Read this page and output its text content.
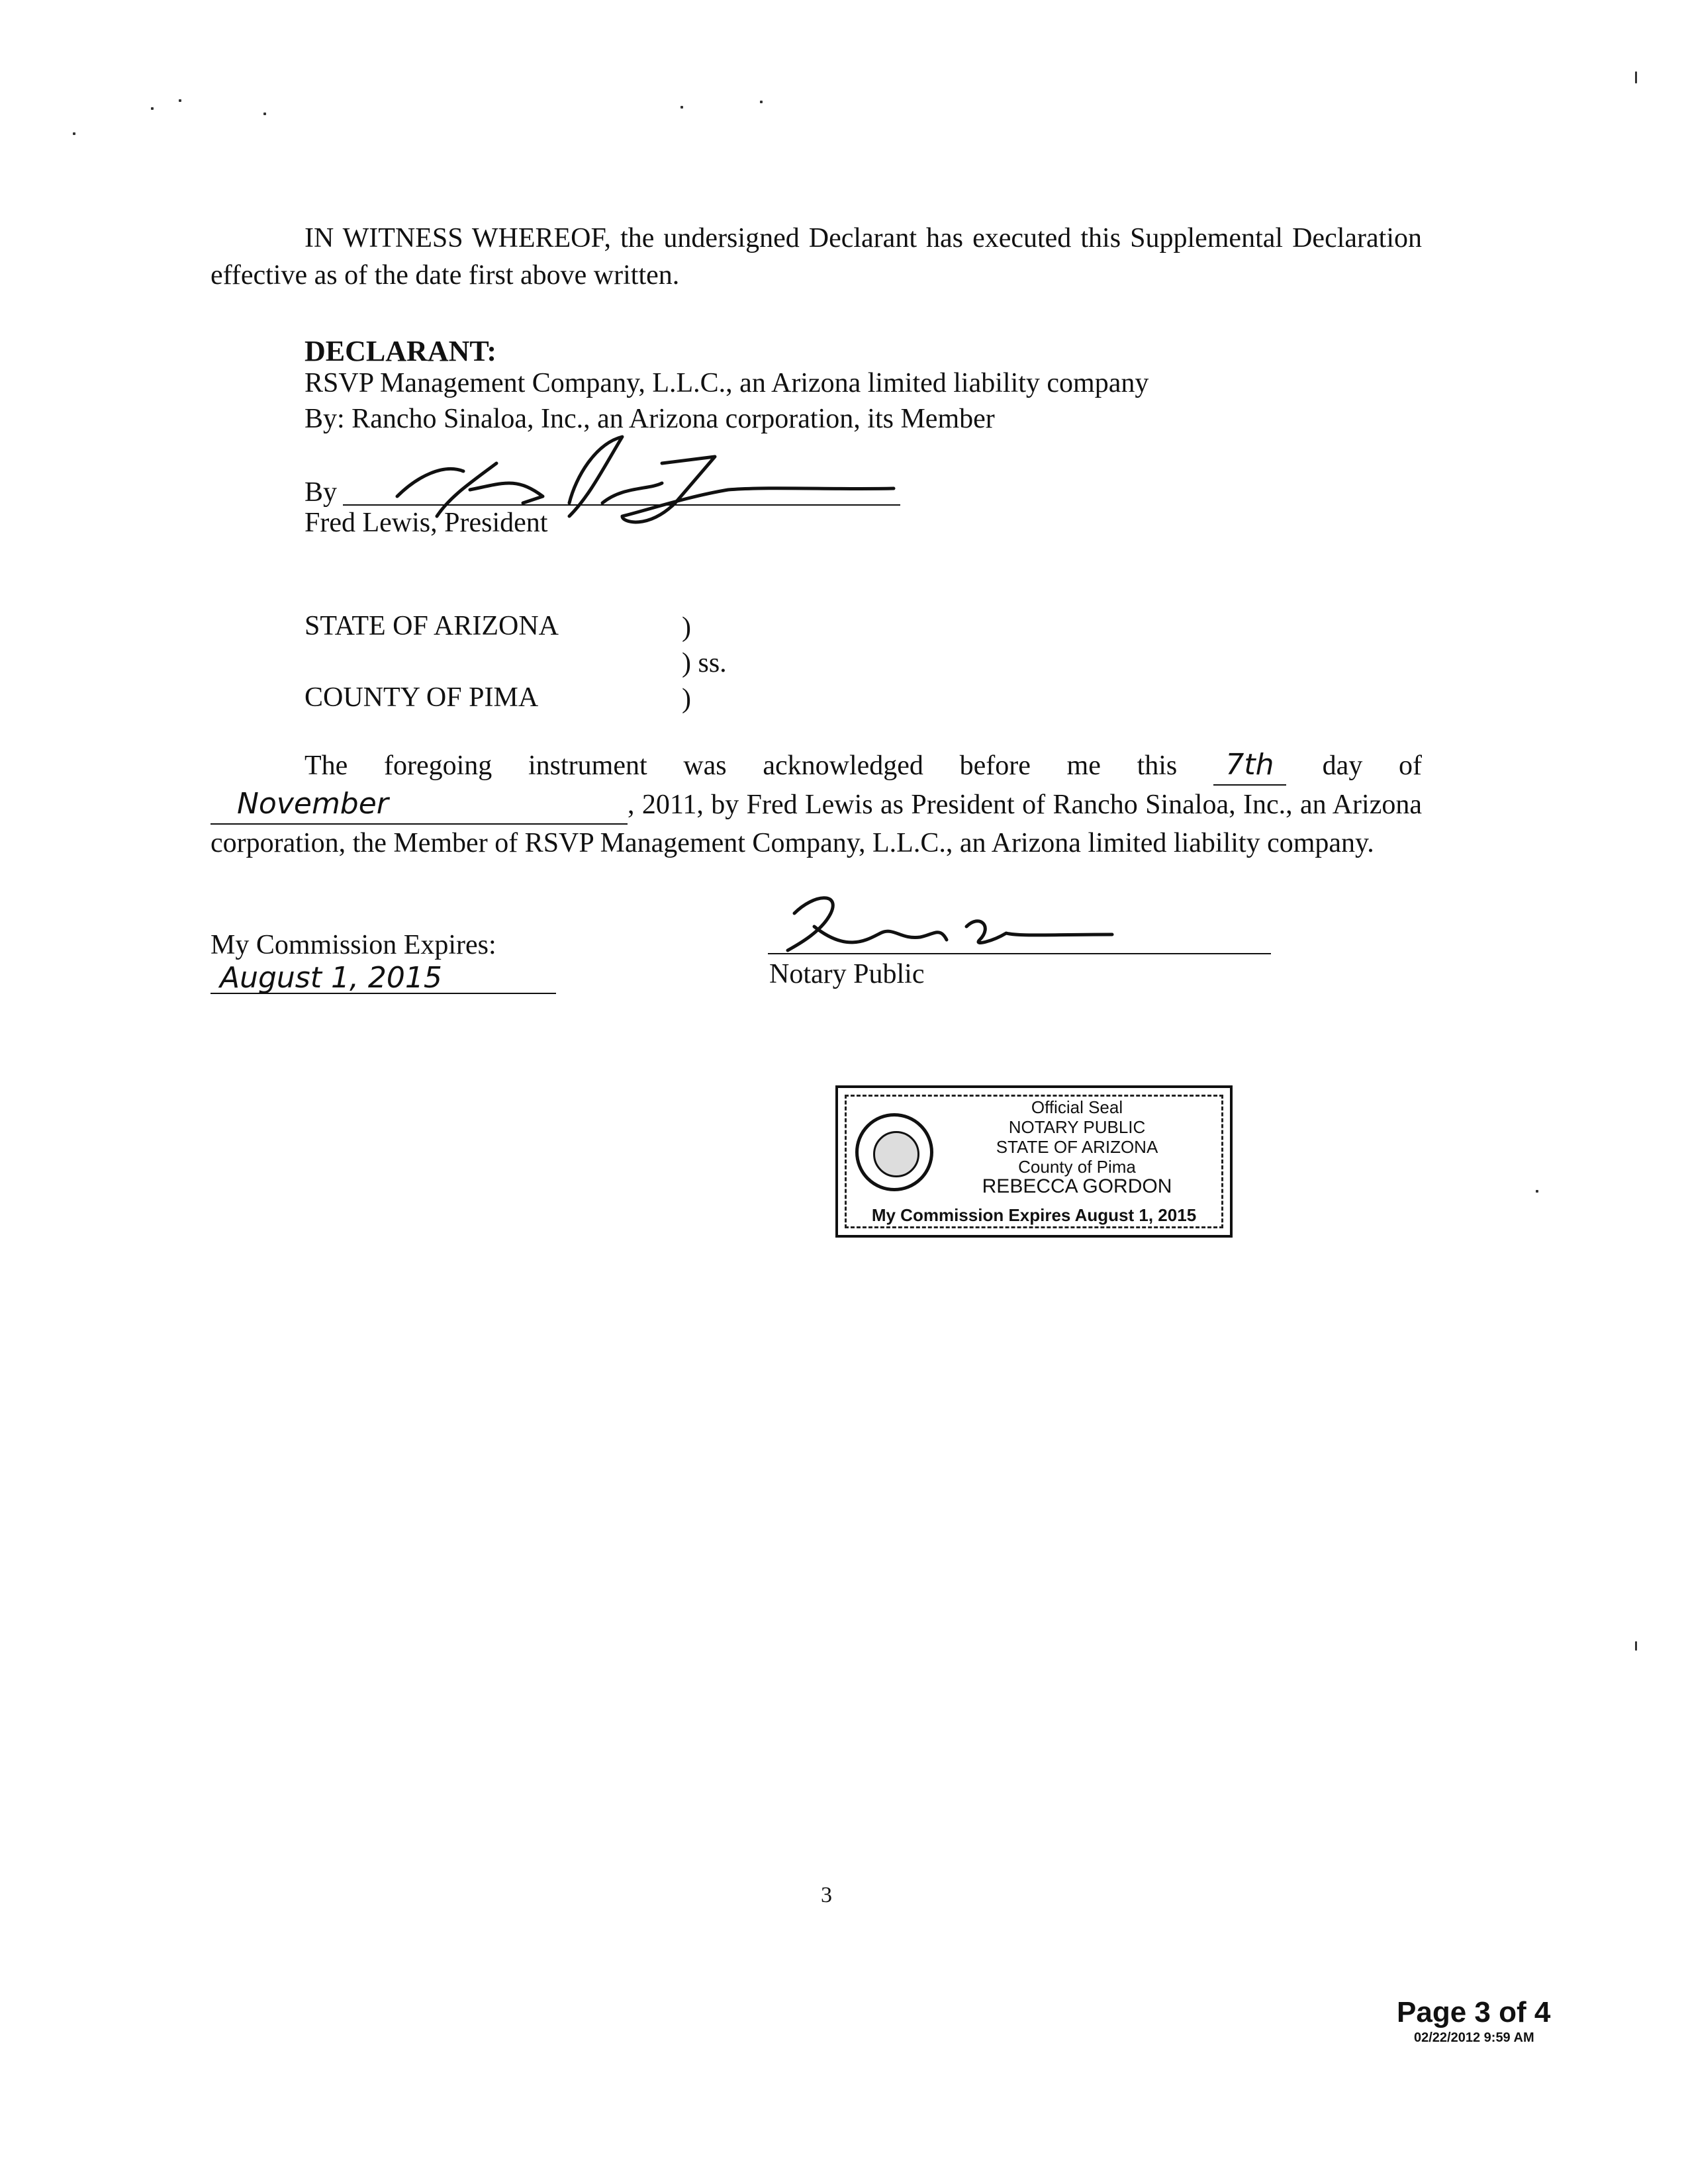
IN WITNESS WHEREOF, the undersigned Declarant has executed this Supplemental Declaration effective as of the date first above written.
DECLARANT:
RSVP Management Company, L.L.C., an Arizona limited liability company
By: Rancho Sinaloa, Inc., an Arizona corporation, its Member
By
Fred Lewis, President
STATE OF ARIZONA
COUNTY OF PIMA
)
) ss.
)
The foregoing instrument was acknowledged before me this 7th day of November	, 2011, by Fred Lewis as President of Rancho Sinaloa, Inc., an Arizona corporation, the Member of RSVP Management Company, L.L.C., an Arizona limited liability company.
My Commission Expires:
August 1, 2015	Notary Public
Official Seal
NOTARY PUBLIC
STATE OF ARIZONA
County of Pima
REBECCA GORDON
My Commission Expires August 1, 2015
3
Page 3 of 4
02/22/2012 9:59 AM
